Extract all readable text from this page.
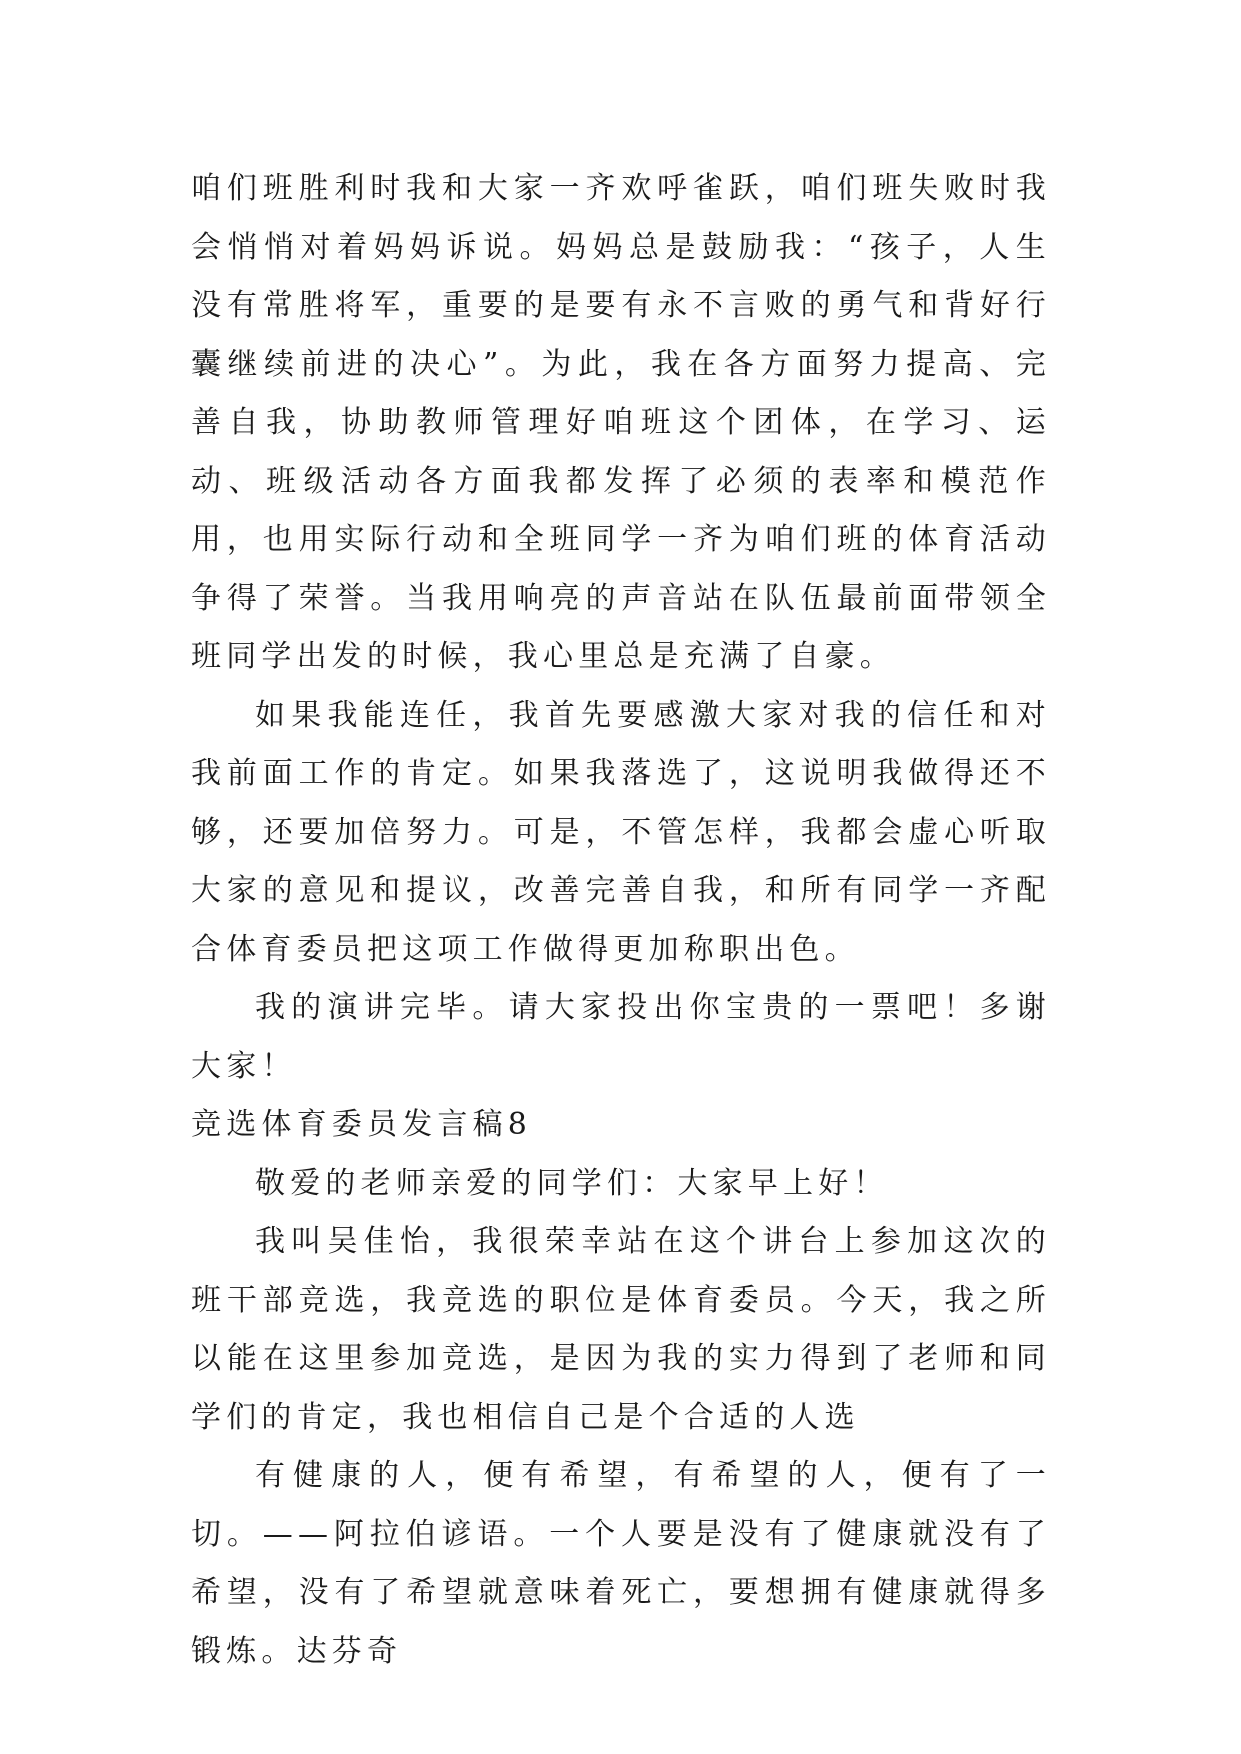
咱们班胜利时我和大家一齐欢呼雀跃，咱们班失败时我会悄悄对着妈妈诉说。妈妈总是鼓励我：“孩子，人生没有常胜将军，重要的是要有永不言败的勇气和背好行囊继续前进的决心”。为此，我在各方面努力提高、完善自我，协助教师管理好咱班这个团体，在学习、运动、班级活动各方面我都发挥了必须的表率和模范作用，也用实际行动和全班同学一齐为咱们班的体育活动争得了荣誉。当我用响亮的声音站在队伍最前面带领全班同学出发的时候，我心里总是充满了自豪。

如果我能连任，我首先要感激大家对我的信任和对我前面工作的肯定。如果我落选了，这说明我做得还不够，还要加倍努力。可是，不管怎样，我都会虚心听取大家的意见和提议，改善完善自我，和所有同学一齐配合体育委员把这项工作做得更加称职出色。

我的演讲完毕。请大家投出你宝贵的一票吧！多谢大家！

竞选体育委员发言稿8

敬爱的老师亲爱的同学们：大家早上好！

我叫吴佳怡，我很荣幸站在这个讲台上参加这次的班干部竞选，我竞选的职位是体育委员。今天，我之所以能在这里参加竞选，是因为我的实力得到了老师和同学们的肯定，我也相信自己是个合适的人选

有健康的人，便有希望，有希望的人，便有了一切。——阿拉伯谚语。一个人要是没有了健康就没有了希望，没有了希望就意味着死亡，要想拥有健康就得多锻炼。达芬奇
